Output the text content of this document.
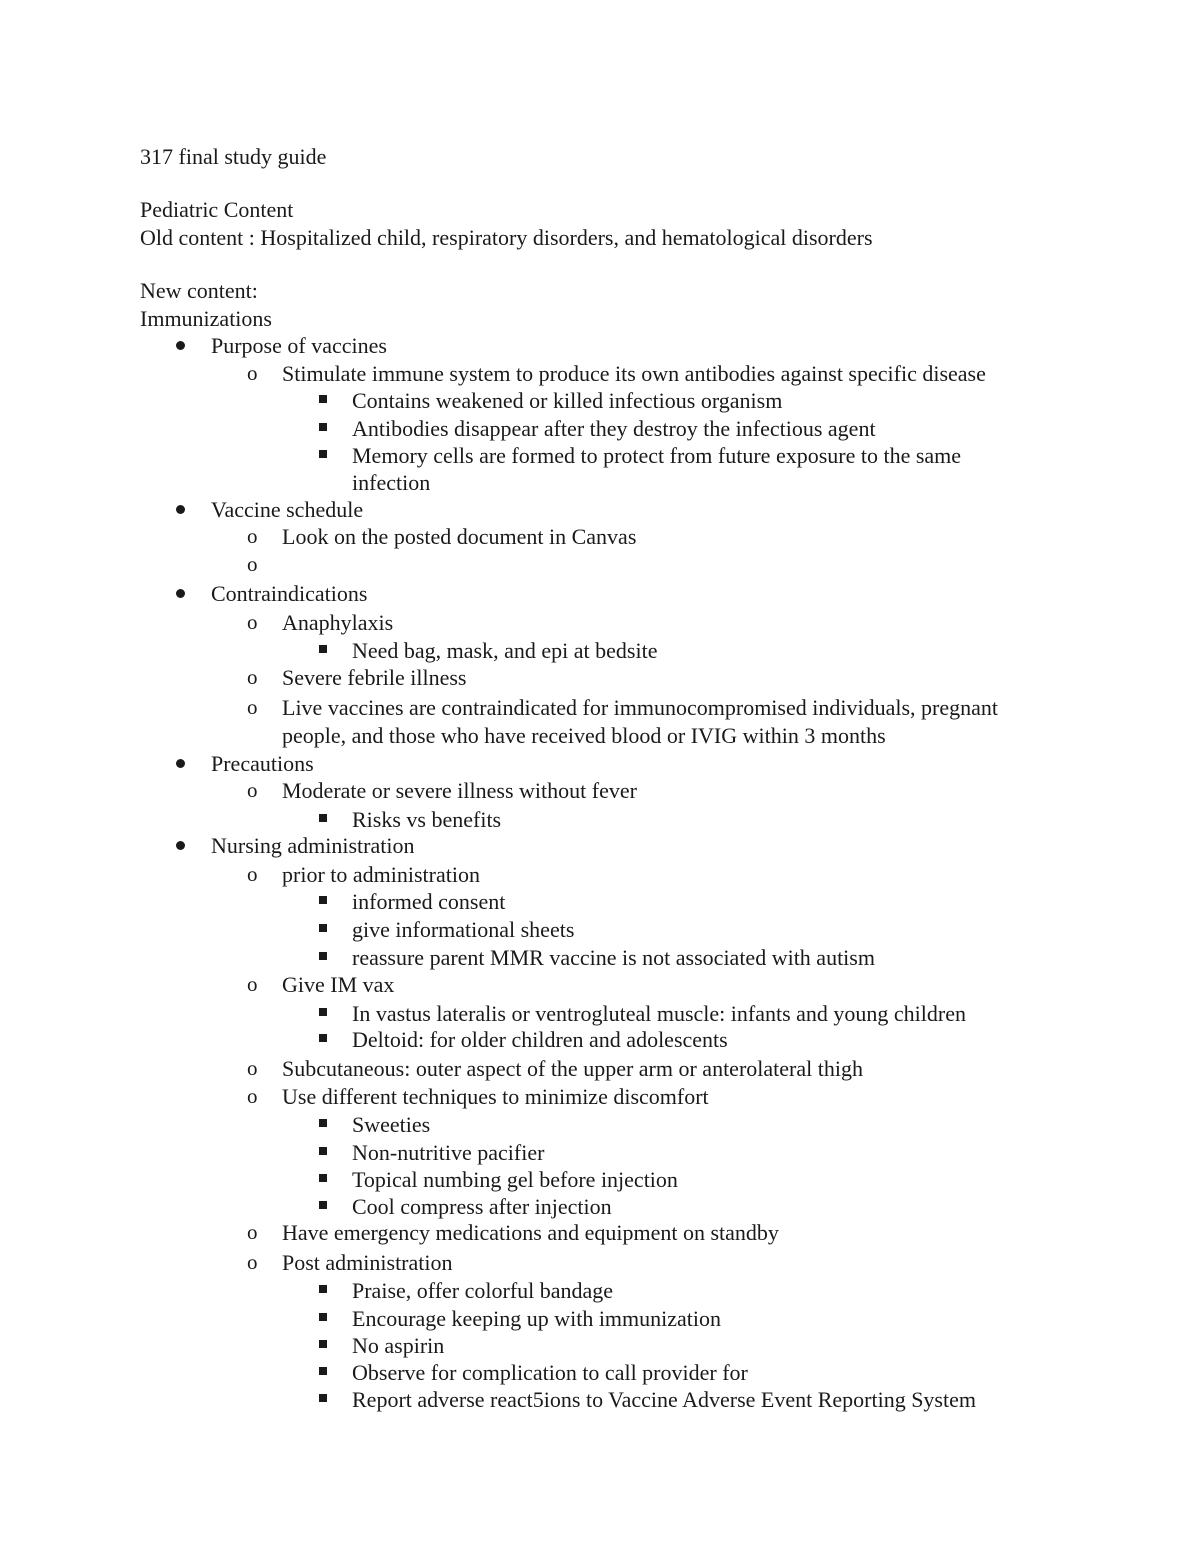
317 final study guide
Pediatric Content
Old content : Hospitalized child, respiratory disorders, and hematological disorders
New content:
Immunizations
Purpose of vaccines
o Stimulate immune system to produce its own antibodies against specific disease
Contains weakened or killed infectious organism
Antibodies disappear after they destroy the infectious agent
Memory cells are formed to protect from future exposure to the same
infection
Vaccine schedule
o Look on the posted document in Canvas
o
Contraindications
o Anaphylaxis
Need bag, mask, and epi at bedsite
o Severe febrile illness
o Live vaccines are contraindicated for immunocompromised individuals, pregnant
people, and those who have received blood or IVIG within 3 months
Precautions
o Moderate or severe illness without fever
Risks vs benefits
Nursing administration
o prior to administration
informed consent
give informational sheets
reassure parent MMR vaccine is not associated with autism
o Give IM vax
In vastus lateralis or ventrogluteal muscle: infants and young children
Deltoid: for older children and adolescents
o Subcutaneous: outer aspect of the upper arm or anterolateral thigh
o Use different techniques to minimize discomfort
Sweeties
Non-nutritive pacifier
Topical numbing gel before injection
Cool compress after injection
o Have emergency medications and equipment on standby
o Post administration
Praise, offer colorful bandage
Encourage keeping up with immunization
No aspirin
Observe for complication to call provider for
Report adverse react5ions to Vaccine Adverse Event Reporting System
